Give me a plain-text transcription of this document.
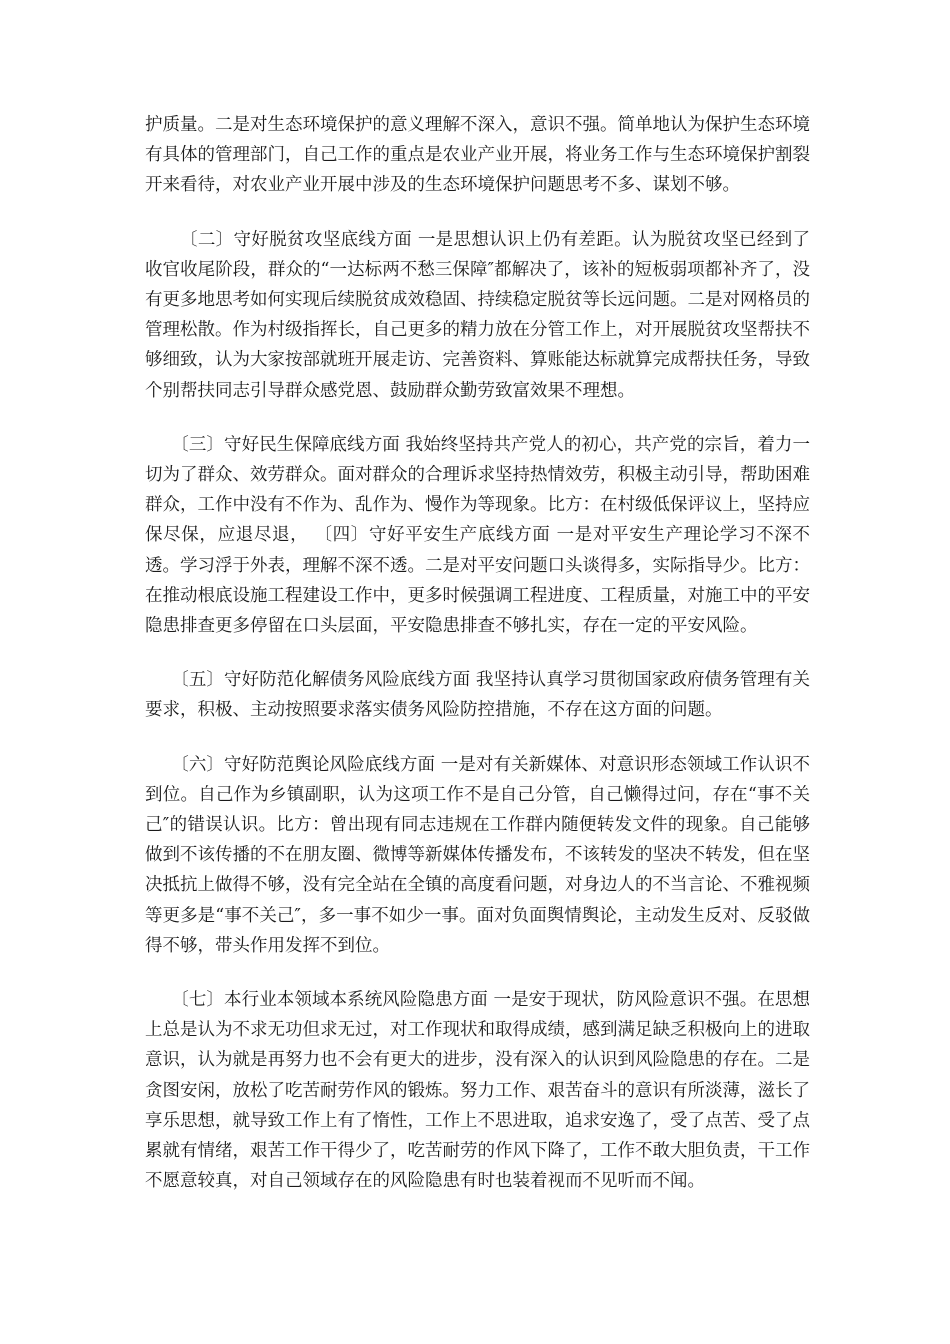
护质量。二是对生态环境保护的意义理解不深入，意识不强。简单地认为保护生态环境有具体的管理部门，自己工作的重点是农业产业开展，将业务工作与生态环境保护割裂开来看待，对农业产业开展中涉及的生态环境保护问题思考不多、谋划不够。

〔二〕守好脱贫攻坚底线方面 一是思想认识上仍有差距。认为脱贫攻坚已经到了收官收尾阶段，群众的“一达标两不愁三保障″都解决了，该补的短板弱项都补齐了，没有更多地思考如何实现后续脱贫成效稳固、持续稳定脱贫等长远问题。二是对网格员的管理松散。作为村级指挥长，自己更多的精力放在分管工作上，对开展脱贫攻坚帮扶不够细致，认为大家按部就班开展走访、完善资料、算账能达标就算完成帮扶任务，导致个别帮扶同志引导群众感党恩、鼓励群众勤劳致富效果不理想。

〔三〕守好民生保障底线方面 我始终坚持共产党人的初心，共产党的宗旨，着力一切为了群众、效劳群众。面对群众的合理诉求坚持热情效劳，积极主动引导，帮助困难群众，工作中没有不作为、乱作为、慢作为等现象。比方：在村级低保评议上，坚持应保尽保，应退尽退， 〔四〕守好平安生产底线方面 一是对平安生产理论学习不深不透。学习浮于外表，理解不深不透。二是对平安问题口头谈得多，实际指导少。比方：在推动根底设施工程建设工作中，更多时候强调工程进度、工程质量，对施工中的平安隐患排查更多停留在口头层面，平安隐患排查不够扎实，存在一定的平安风险。

〔五〕守好防范化解债务风险底线方面 我坚持认真学习贯彻国家政府债务管理有关要求，积极、主动按照要求落实债务风险防控措施，不存在这方面的问题。

〔六〕守好防范舆论风险底线方面 一是对有关新媒体、对意识形态领域工作认识不到位。自己作为乡镇副职，认为这项工作不是自己分管，自己懒得过问，存在“事不关己″的错误认识。比方：曾出现有同志违规在工作群内随便转发文件的现象。自己能够做到不该传播的不在朋友圈、微博等新媒体传播发布，不该转发的坚决不转发，但在坚决抵抗上做得不够，没有完全站在全镇的高度看问题，对身边人的不当言论、不雅视频等更多是“事不关己″，多一事不如少一事。面对负面舆情舆论，主动发生反对、反驳做得不够，带头作用发挥不到位。

〔七〕本行业本领域本系统风险隐患方面 一是安于现状，防风险意识不强。在思想上总是认为不求无功但求无过，对工作现状和取得成绩，感到满足缺乏积极向上的进取意识，认为就是再努力也不会有更大的进步，没有深入的认识到风险隐患的存在。二是贪图安闲，放松了吃苦耐劳作风的锻炼。努力工作、艰苦奋斗的意识有所淡薄，滋长了享乐思想，就导致工作上有了惰性，工作上不思进取，追求安逸了，受了点苦、受了点累就有情绪，艰苦工作干得少了，吃苦耐劳的作风下降了，工作不敢大胆负责，干工作不愿意较真，对自己领域存在的风险隐患有时也装着视而不见听而不闻。
